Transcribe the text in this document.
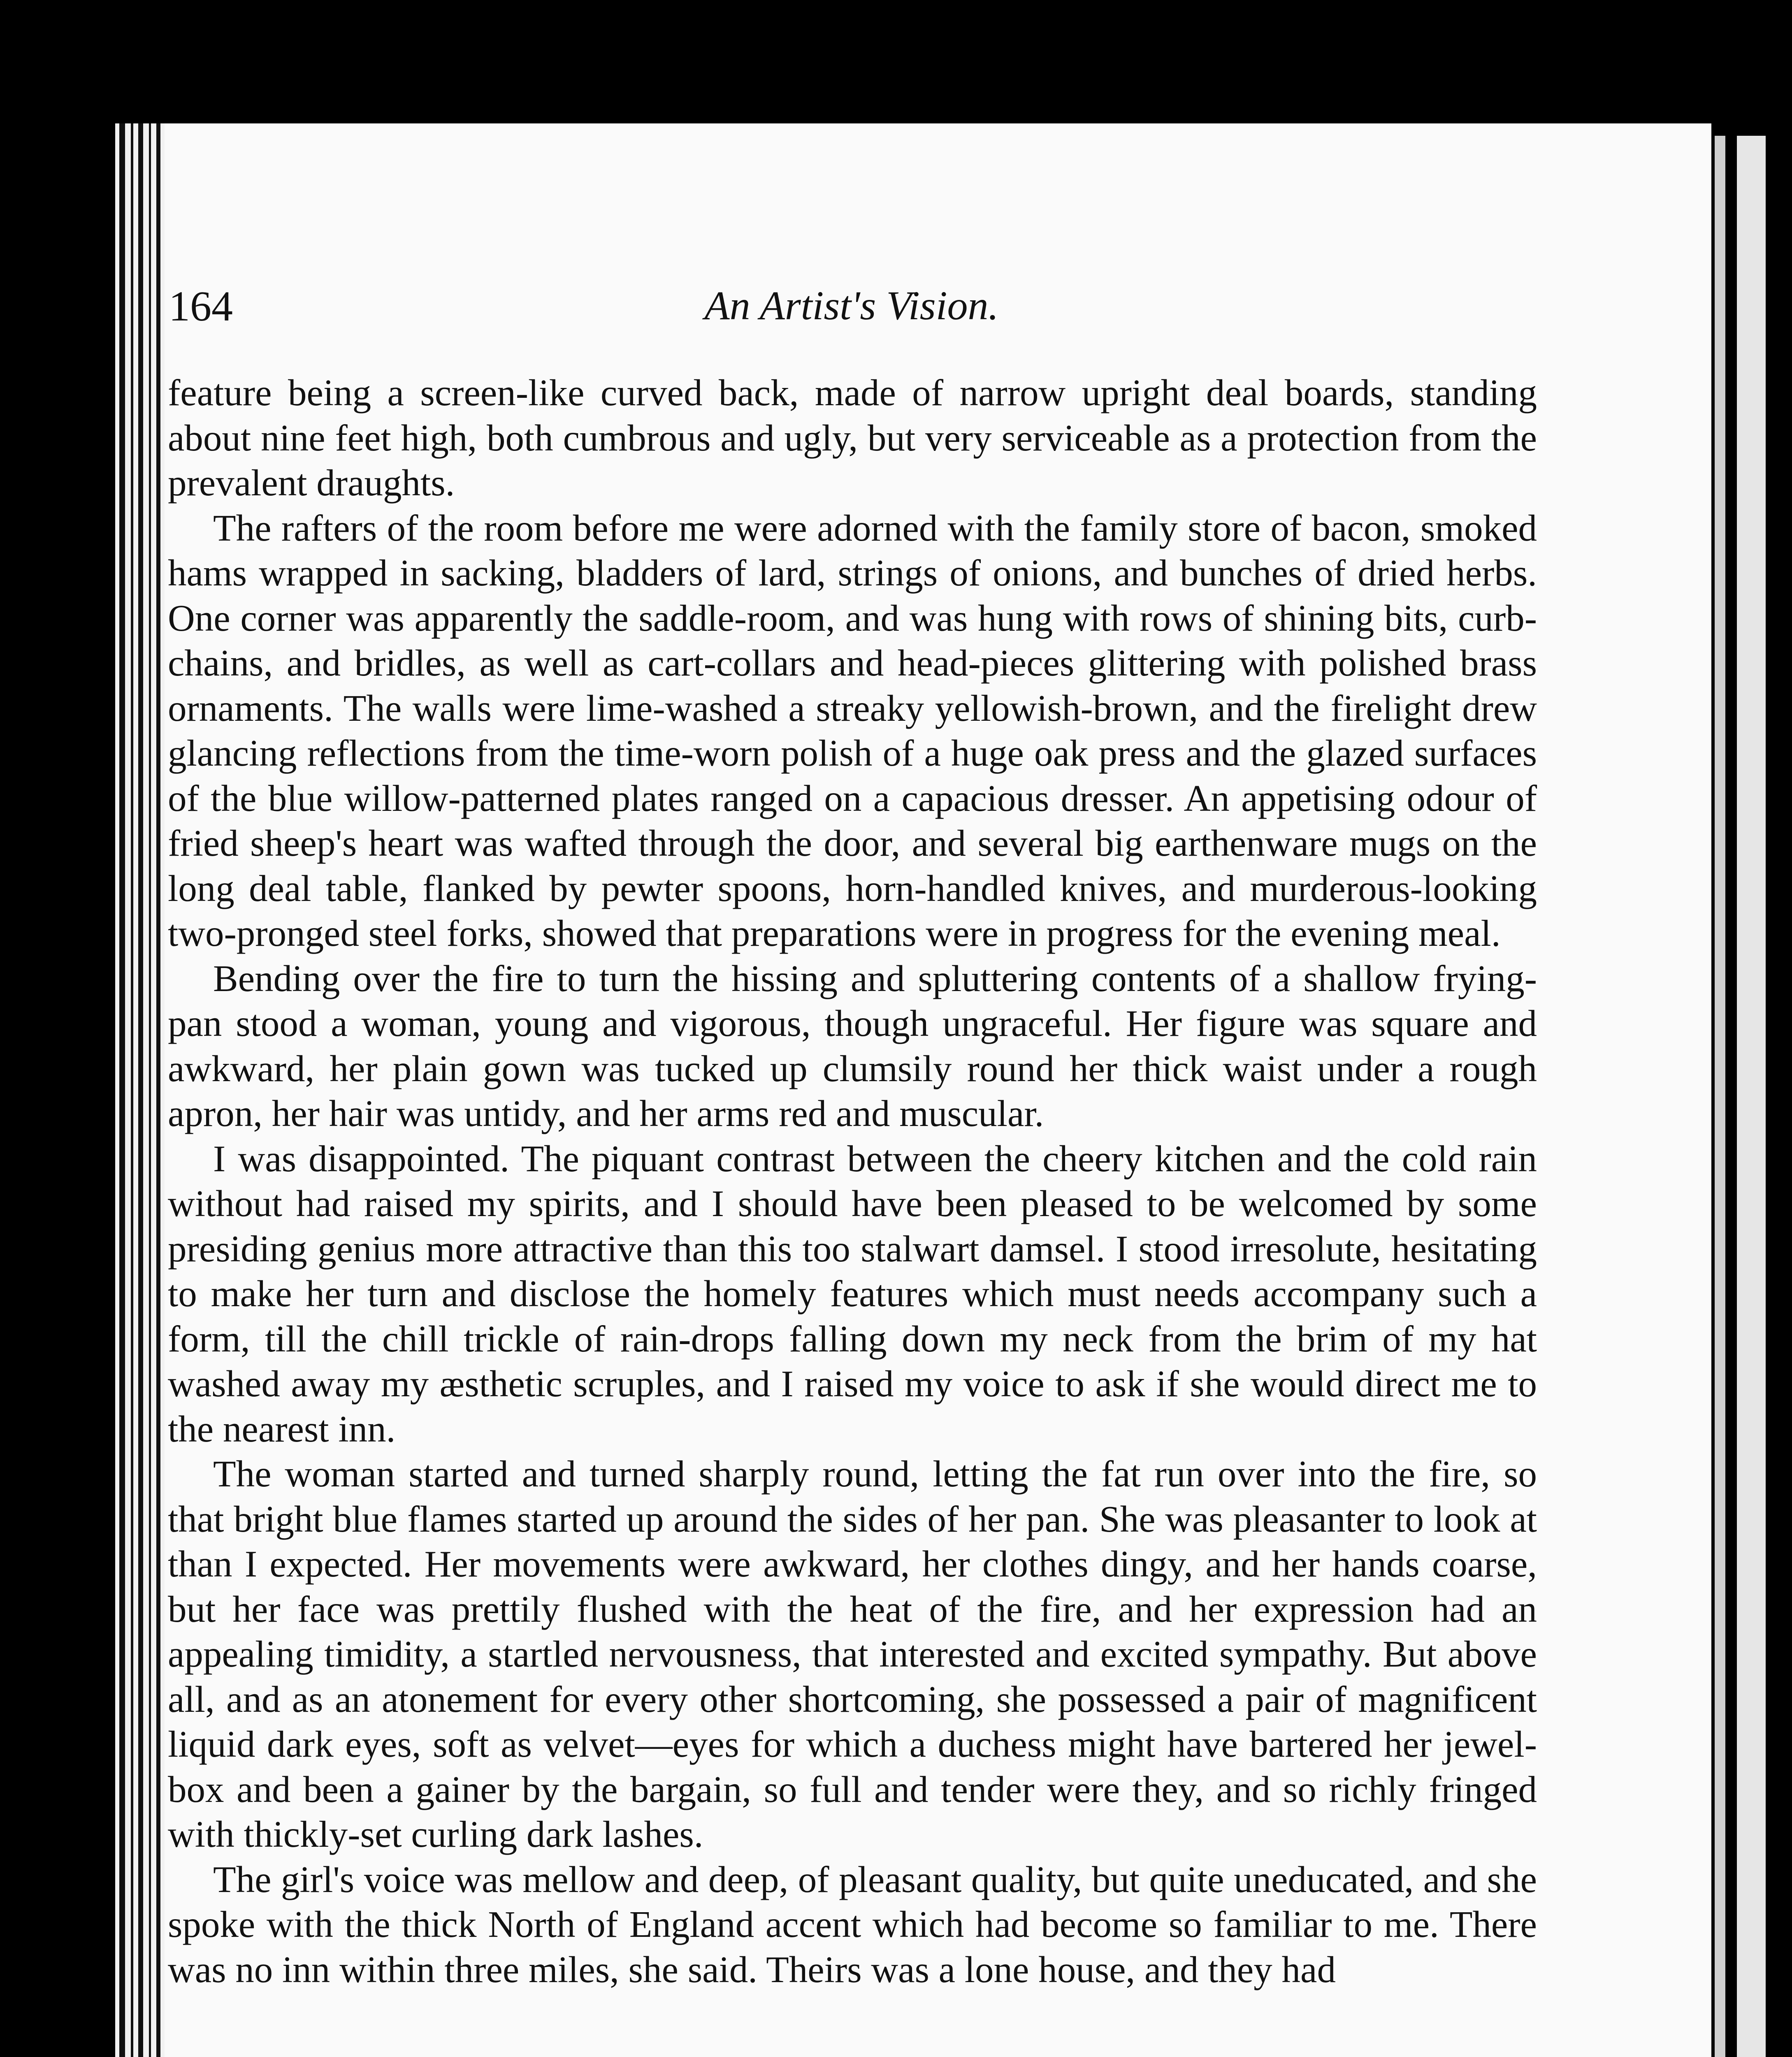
164	An Artist's Vision.

feature being a screen-like curved back, made of narrow upright deal boards, standing about nine feet high, both cumbrous and ugly, but very serviceable as a protection from the prevalent draughts.

The rafters of the room before me were adorned with the family store of bacon, smoked hams wrapped in sacking, bladders of lard, strings of onions, and bunches of dried herbs. One corner was apparently the saddle-room, and was hung with rows of shining bits, curb-chains, and bridles, as well as cart-collars and head-pieces glittering with polished brass ornaments. The walls were lime-washed a streaky yellowish-brown, and the firelight drew glancing reflections from the time-worn polish of a huge oak press and the glazed surfaces of the blue willow-patterned plates ranged on a capacious dresser. An appetising odour of fried sheep's heart was wafted through the door, and several big earthenware mugs on the long deal table, flanked by pewter spoons, horn-handled knives, and murderous-looking two-pronged steel forks, showed that preparations were in progress for the evening meal.

Bending over the fire to turn the hissing and spluttering contents of a shallow frying-pan stood a woman, young and vigorous, though ungraceful. Her figure was square and awkward, her plain gown was tucked up clumsily round her thick waist under a rough apron, her hair was untidy, and her arms red and muscular.

I was disappointed. The piquant contrast between the cheery kitchen and the cold rain without had raised my spirits, and I should have been pleased to be welcomed by some presiding genius more attractive than this too stalwart damsel. I stood irresolute, hesitating to make her turn and disclose the homely features which must needs accompany such a form, till the chill trickle of rain-drops falling down my neck from the brim of my hat washed away my æsthetic scruples, and I raised my voice to ask if she would direct me to the nearest inn.

The woman started and turned sharply round, letting the fat run over into the fire, so that bright blue flames started up around the sides of her pan. She was pleasanter to look at than I expected. Her movements were awkward, her clothes dingy, and her hands coarse, but her face was prettily flushed with the heat of the fire, and her expression had an appealing timidity, a startled nervousness, that interested and excited sympathy. But above all, and as an atonement for every other shortcoming, she possessed a pair of magnificent liquid dark eyes, soft as velvet—eyes for which a duchess might have bartered her jewel-box and been a gainer by the bargain, so full and tender were they, and so richly fringed with thickly-set curling dark lashes.

The girl's voice was mellow and deep, of pleasant quality, but quite uneducated, and she spoke with the thick North of England accent which had become so familiar to me. There was no inn within three miles, she said. Theirs was a lone house, and they had
